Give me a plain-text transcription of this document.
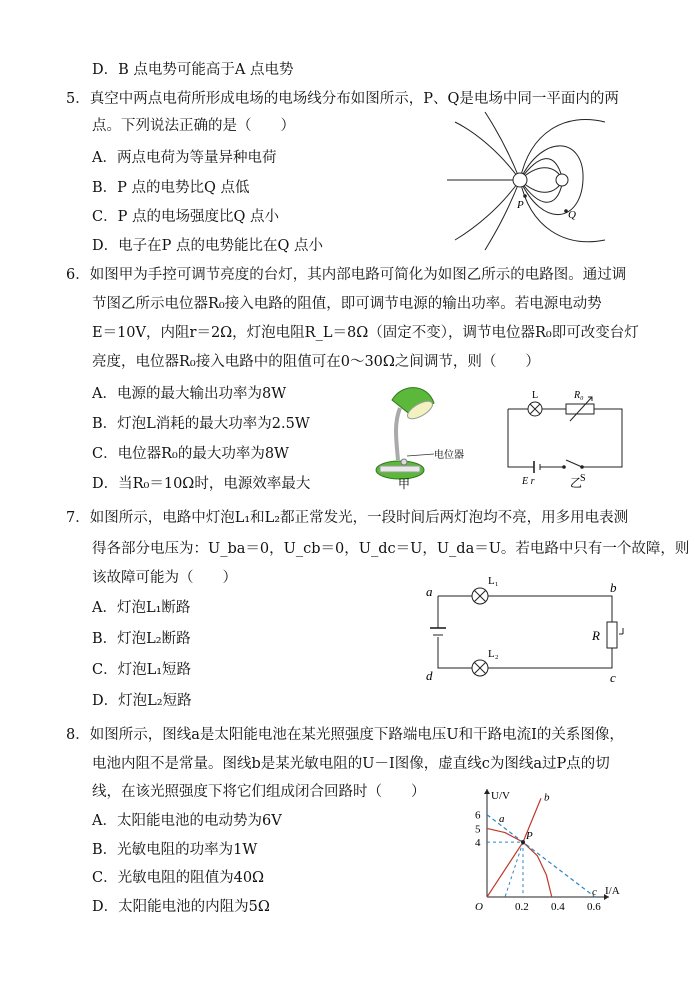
D．B 点电势可能高于A 点电势
5．真空中两点电荷所形成电场的电场线分布如图所示，P、Q是电场中同一平面内的两
点。下列说法正确的是（　　）
A．两点电荷为等量异种电荷
B．P 点的电势比Q 点低
C．P 点的电场强度比Q 点小
D．电子在P 点的电势能比在Q 点小
P
Q
6．如图甲为手控可调节亮度的台灯，其内部电路可简化为如图乙所示的电路图。通过调
节图乙所示电位器R₀接入电路的阻值，即可调节电源的输出功率。若电源电动势
E＝10V，内阻r＝2Ω，灯泡电阻R_L＝8Ω（固定不变），调节电位器R₀即可改变台灯
亮度，电位器R₀接入电路中的阻值可在0～30Ω之间调节，则（　　）
A．电源的最大输出功率为8W
B．灯泡L消耗的最大功率为2.5W
C．电位器R₀的最大功率为8W
D．当R₀＝10Ω时，电源效率最大
电位器
甲
L	R₀
E r	S
乙
7．如图所示，电路中灯泡L₁和L₂都正常发光，一段时间后两灯泡均不亮，用多用电表测
得各部分电压为：U_ba＝0，U_cb＝0，U_dc＝U，U_da＝U。若电路中只有一个故障，则
该故障可能为（　　）
A．灯泡L₁断路
B．灯泡L₂断路
C．灯泡L₁短路
D．灯泡L₂短路
a	b
c
d
L₁
L₂
R
8．如图所示，图线a是太阳能电池在某光照强度下路端电压U和干路电流I的关系图像，
电池内阻不是常量。图线b是某光敏电阻的U－I图像，虚直线c为图线a过P点的切
线，在该光照强度下将它们组成闭合回路时（　　）
A．太阳能电池的电动势为6V
B．光敏电阻的功率为1W
C．光敏电阻的阻值为40Ω
D．太阳能电池的内阻为5Ω
I/A
U/V
O	0.2 0.4 0.6
4
5
6 a
b
c
P
